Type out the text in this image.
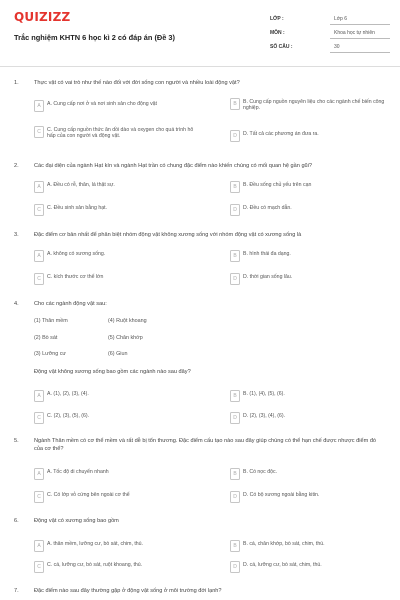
QUIZIZZ
Trắc nghiệm KHTN 6 học kì 2 có đáp án (Đề 3)
LỚP :	Lớp 6
MÔN :	Khoa học tự nhiên
SỐ CÂU :	30
1.	Thực vật có vai trò như thế nào đối với đời sống con người và nhiều loài động vật?
A	A. Cung cấp nơi ở và nơi sinh sản cho động vật	B	B. Cung cấp nguồn nguyên liệu cho các ngành chế biến công nghiệp.
C	C. Cung cấp nguồn thức ăn dồi dào và oxygen cho quá trình hô hấp của con người và động vật.	D	D. Tất cả các phương án đưa ra.
2.	Các đại diện của ngành Hạt kín và ngành Hạt trần có chung đặc điểm nào khiến chúng có mối quan hệ gần gũi?
A	A. Đều có rễ, thân, lá thật sự.	B	B. Đều sống chủ yếu trên cạn
C	C. Đều sinh sản bằng hạt.	D	D. Đều có mạch dẫn.
3.	Đặc điểm cơ bản nhất để phân biệt nhóm động vật không xương sống với nhóm động vật có xương sống là
A	A. không có xương sống.	B	B. hình thái đa dạng.
C	C. kích thước cơ thể lớn	D	D. thời gian sống lâu.
4.	Cho các ngành động vật sau:
(1) Thân mềm	(4) Ruột khoang
(2) Bò sát	(5) Chân khớp
(3) Lưỡng cư	(6) Giun
Động vật không xương sống bao gồm các ngành nào sau đây?
A	A. (1), (2), (3), (4).	B	B. (1), (4), (5), (6).
C	C. (2), (3), (5), (6).	D	D. (2), (3), (4), (6).
5.	Ngành Thân mềm có cơ thể mềm và rất dễ bị tổn thương. Đặc điểm cấu tạo nào sau đây giúp chúng có thể hạn chế được nhược điểm đó của cơ thể?
A	A. Tốc độ di chuyển nhanh	B	B. Có nọc độc.
C	C. Có lớp vỏ cứng bên ngoài cơ thể	D	D. Có bộ xương ngoài bằng kitin.
6.	Động vật có xương sống bao gồm
A	A. thân mềm, lưỡng cư, bò sát, chim, thú.	B	B. cá, chân khớp, bò sát, chim, thú.
C	C. cá, lưỡng cư, bò sát, ruột khoang, thú.	D	D. cá, lưỡng cư, bò sát, chim, thú.
7.	Đặc điểm nào sau đây thường gặp ở động vật sống ở môi trường đới lạnh?
